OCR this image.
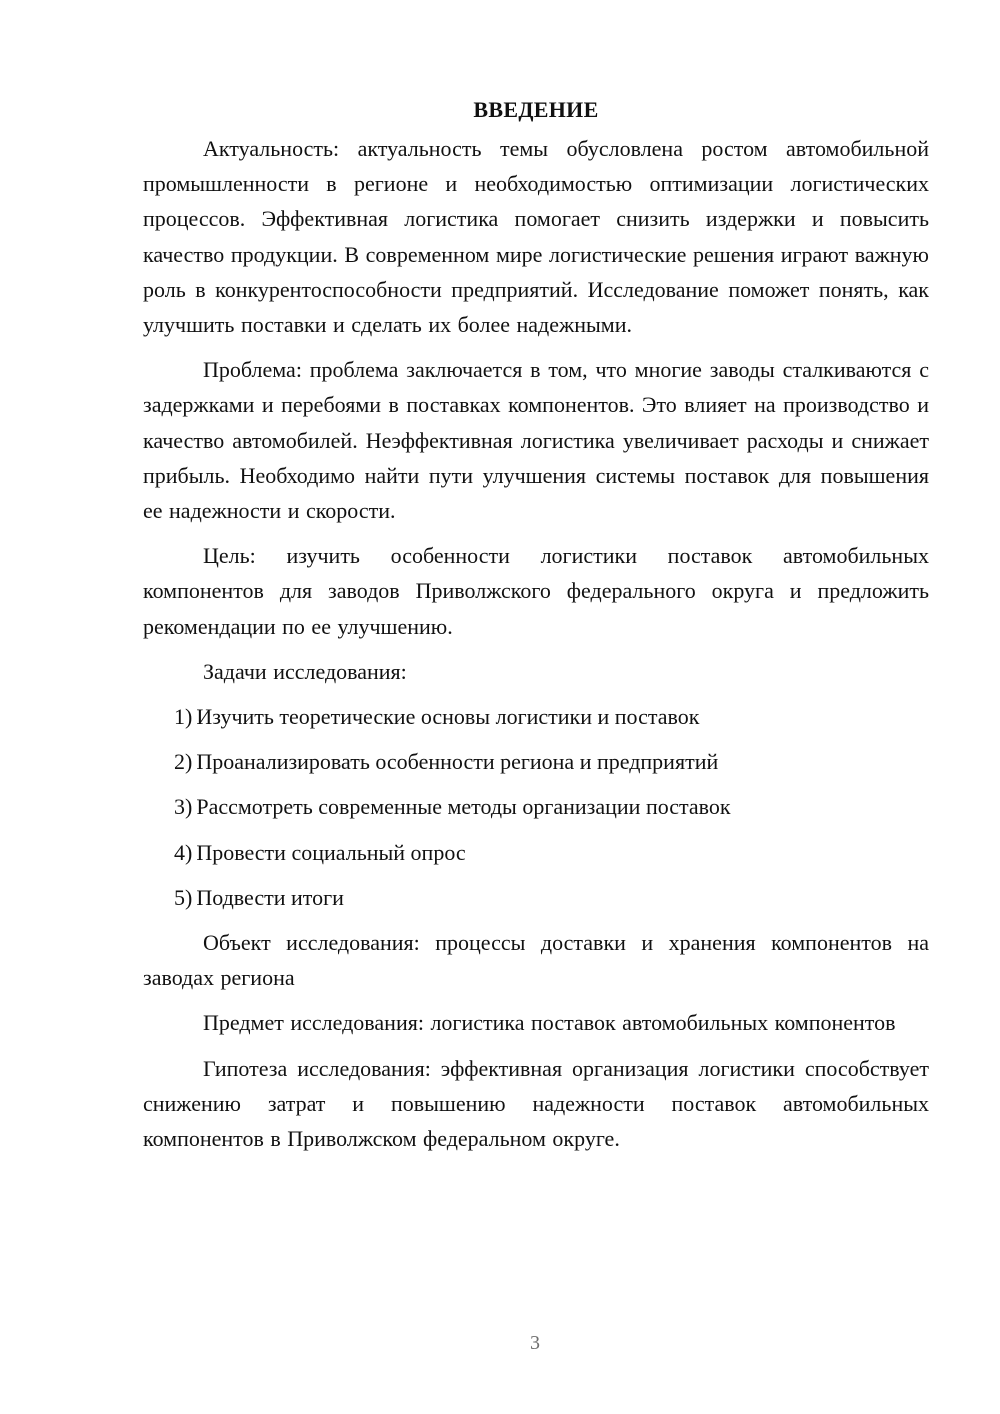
ВВЕДЕНИЕ

Актуальность: актуальность темы обусловлена ростом автомобильной промышленности в регионе и необходимостью оптимизации логистических процессов. Эффективная логистика помогает снизить издержки и повысить качество продукции. В современном мире логистические решения играют важную роль в конкурентоспособности предприятий. Исследование поможет понять, как улучшить поставки и сделать их более надежными.

Проблема: проблема заключается в том, что многие заводы сталкиваются с задержками и перебоями в поставках компонентов. Это влияет на производство и качество автомобилей. Неэффективная логистика увеличивает расходы и снижает прибыль. Необходимо найти пути улучшения системы поставок для повышения ее надежности и скорости.

Цель: изучить особенности логистики поставок автомобильных компонентов для заводов Приволжского федерального округа и предложить рекомендации по ее улучшению.

Задачи исследования:

1) Изучить теоретические основы логистики и поставок
2) Проанализировать особенности региона и предприятий
3) Рассмотреть современные методы организации поставок
4) Провести социальный опрос
5) Подвести итоги

Объект исследования: процессы доставки и хранения компонентов на заводах региона

Предмет исследования: логистика поставок автомобильных компонентов

Гипотеза исследования: эффективная организация логистики способствует снижению затрат и повышению надежности поставок автомобильных компонентов в Приволжском федеральном округе.

3
